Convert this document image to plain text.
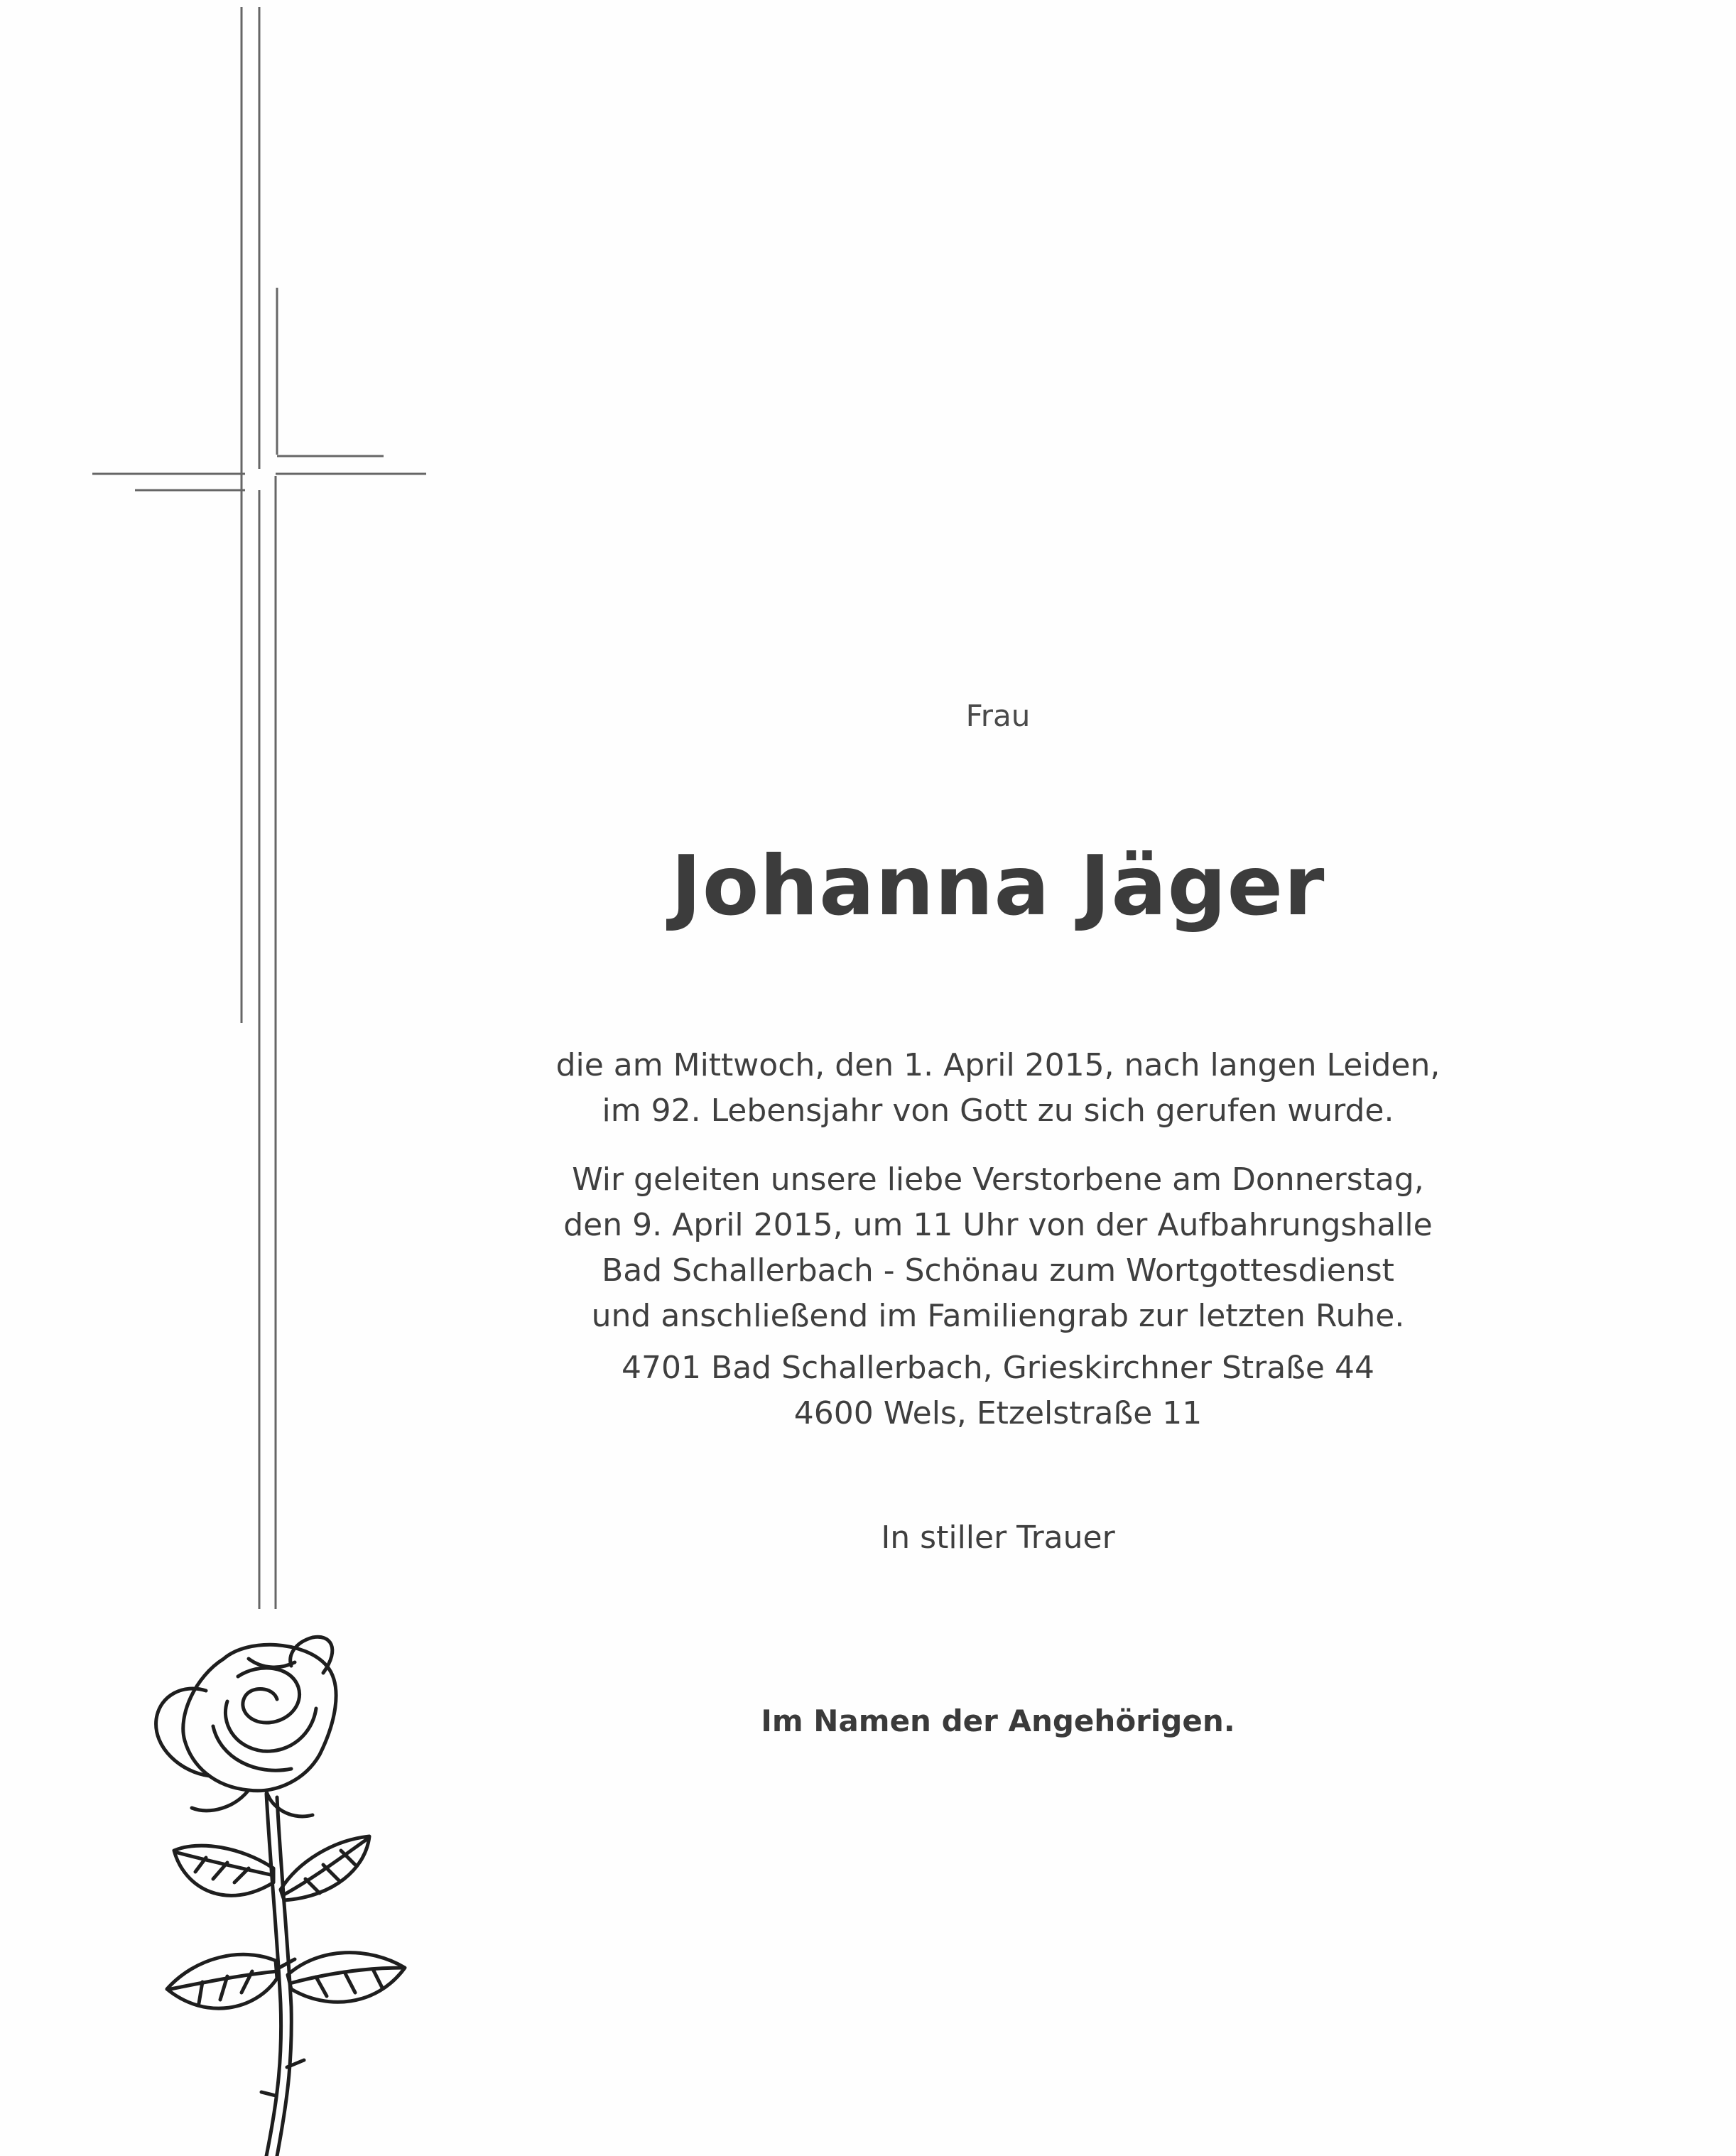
Frau
Johanna Jäger
die am Mittwoch, den 1. April 2015, nach langen Leiden,
im 92. Lebensjahr von Gott zu sich gerufen wurde.
Wir geleiten unsere liebe Verstorbene am Donnerstag,
den 9. April 2015, um 11 Uhr von der Aufbahrungshalle
Bad Schallerbach - Schönau zum Wortgottesdienst
und anschließend im Familiengrab zur letzten Ruhe.
4701 Bad Schallerbach, Grieskirchner Straße 44
4600 Wels, Etzelstraße 11
In stiller Trauer
Im Namen der Angehörigen.
